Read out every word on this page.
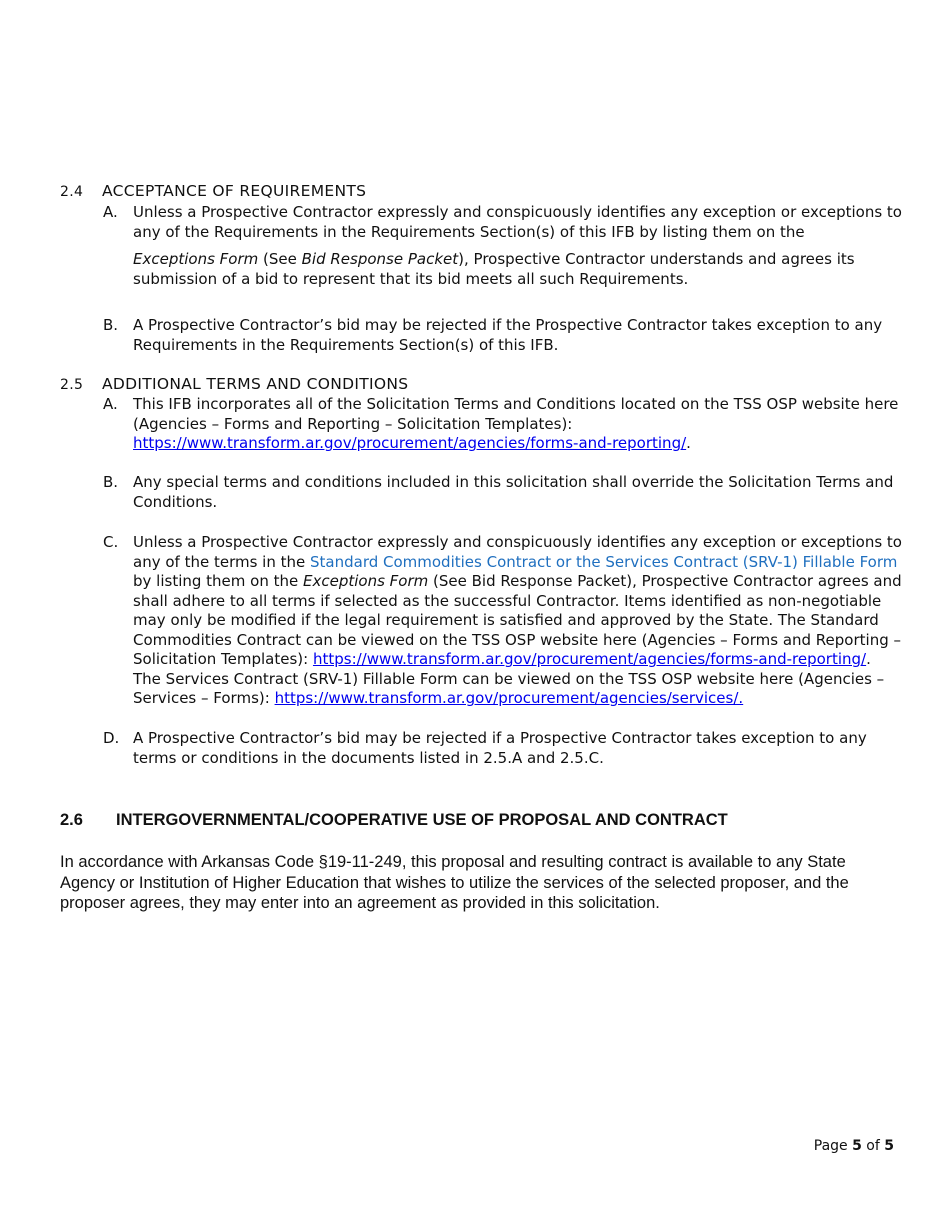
2.4 ACCEPTANCE OF REQUIREMENTS
A. Unless a Prospective Contractor expressly and conspicuously identifies any exception or exceptions to any of the Requirements in the Requirements Section(s) of this IFB by listing them on the

Exceptions Form (See Bid Response Packet), Prospective Contractor understands and agrees its submission of a bid to represent that its bid meets all such Requirements.

B. A Prospective Contractor’s bid may be rejected if the Prospective Contractor takes exception to any Requirements in the Requirements Section(s) of this IFB.

2.5 ADDITIONAL TERMS AND CONDITIONS
A. This IFB incorporates all of the Solicitation Terms and Conditions located on the TSS OSP website here (Agencies – Forms and Reporting – Solicitation Templates):
https://www.transform.ar.gov/procurement/agencies/forms-and-reporting/.

B. Any special terms and conditions included in this solicitation shall override the Solicitation Terms and Conditions.

C. Unless a Prospective Contractor expressly and conspicuously identifies any exception or exceptions to any of the terms in the Standard Commodities Contract or the Services Contract (SRV-1) Fillable Form by listing them on the Exceptions Form (See Bid Response Packet), Prospective Contractor agrees and shall adhere to all terms if selected as the successful Contractor. Items identified as non-negotiable may only be modified if the legal requirement is satisfied and approved by the State. The Standard Commodities Contract can be viewed on the TSS OSP website here (Agencies – Forms and Reporting – Solicitation Templates): https://www.transform.ar.gov/procurement/agencies/forms-and-reporting/. The Services Contract (SRV-1) Fillable Form can be viewed on the TSS OSP website here (Agencies – Services – Forms): https://www.transform.ar.gov/procurement/agencies/services/.

D. A Prospective Contractor’s bid may be rejected if a Prospective Contractor takes exception to any terms or conditions in the documents listed in 2.5.A and 2.5.C.

2.6 INTERGOVERNMENTAL/COOPERATIVE USE OF PROPOSAL AND CONTRACT

In accordance with Arkansas Code §19-11-249, this proposal and resulting contract is available to any State Agency or Institution of Higher Education that wishes to utilize the services of the selected proposer, and the proposer agrees, they may enter into an agreement as provided in this solicitation.

Page 5 of 5
